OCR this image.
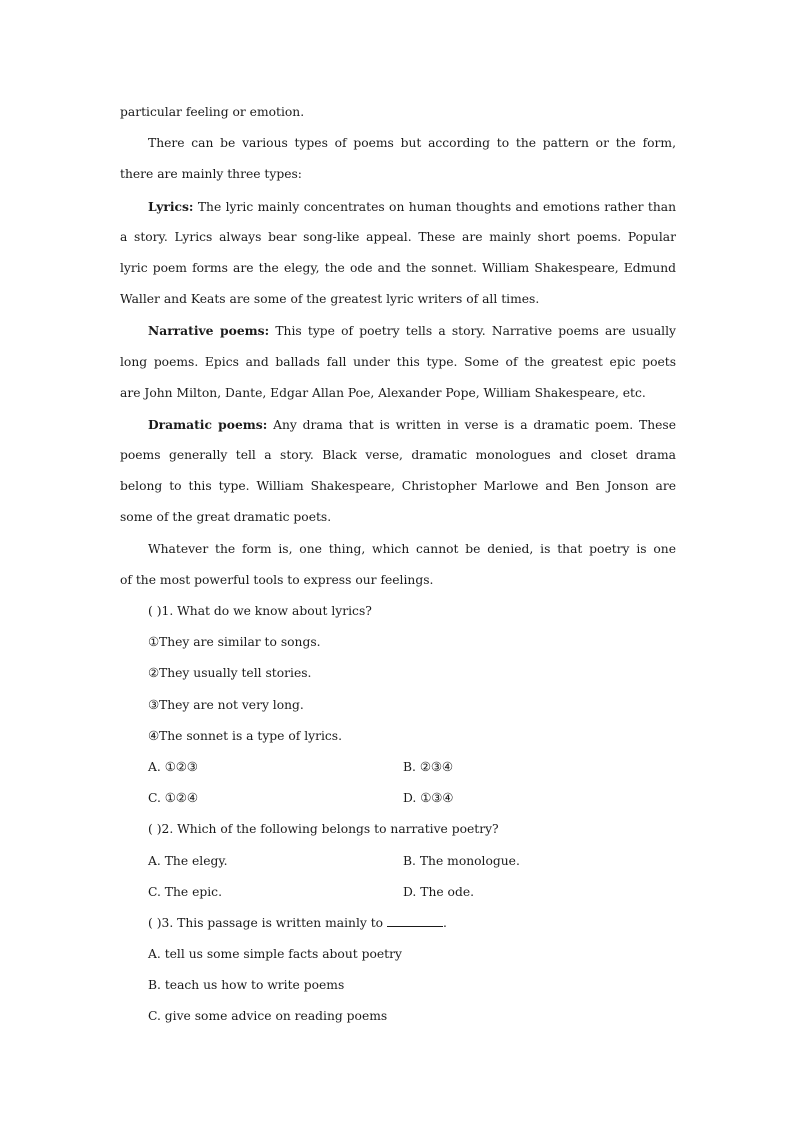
particular feeling or emotion.
There can be various types of poems but according to the pattern or the form,
there are mainly three types:
Lyrics: The lyric mainly concentrates on human thoughts and emotions rather than
a story. Lyrics always bear song-like appeal. These are mainly short poems. Popular
lyric poem forms are the elegy, the ode and the sonnet. William Shakespeare, Edmund
Waller and Keats are some of the greatest lyric writers of all times.
Narrative poems: This type of poetry tells a story. Narrative poems are usually
long poems. Epics and ballads fall under this type. Some of the greatest epic poets
are John Milton, Dante, Edgar Allan Poe, Alexander Pope, William Shakespeare, etc.
Dramatic poems: Any drama that is written in verse is a dramatic poem. These
poems generally tell a story. Black verse, dramatic monologues and closet drama
belong to this type. William Shakespeare, Christopher Marlowe and Ben Jonson are
some of the great dramatic poets.
Whatever the form is, one thing, which cannot be denied, is that poetry is one
of the most powerful tools to express our feelings.
( )1. What do we know about lyrics?
①They are similar to songs.
②They usually tell stories.
③They are not very long.
④The sonnet is a type of lyrics.
A. ①②③	B. ②③④
C. ①②④	D. ①③④
( )2. Which of the following belongs to narrative poetry?
A. The elegy.	B. The monologue.
C. The epic.	D. The ode.
( )3. This passage is written mainly to	.
A. tell us some simple facts about poetry
B. teach us how to write poems
C. give some advice on reading poems
